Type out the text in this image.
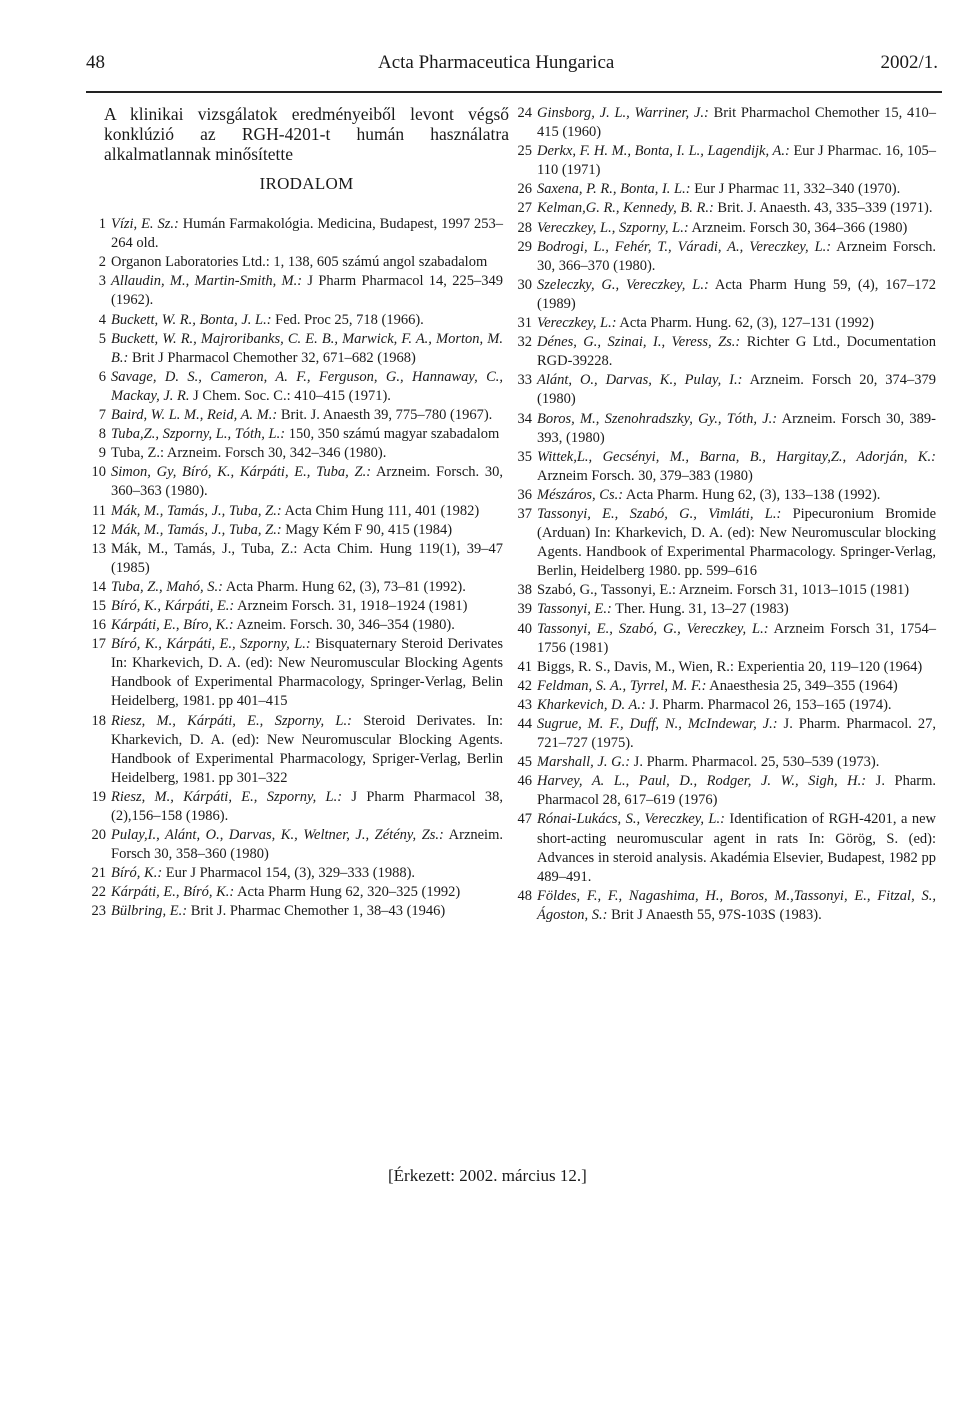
48	Acta Pharmaceutica Hungarica	2002/1.

A klinikai vizsgálatok eredményeiből levont végső konklúzió az RGH-4201-t humán használatra alkalmatlannak minősítette

IRODALOM
1 Vízi, E. Sz.: Humán Farmakológia. Medicina, Budapest, 1997 253–264 old.
2 Organon Laboratories Ltd.: 1, 138, 605 számú angol szabadalom
3 Allaudin, M., Martin-Smith, M.: J Pharm Pharmacol 14, 225–349 (1962).
4 Buckett, W. R., Bonta, J. L.: Fed. Proc 25, 718 (1966).
5 Buckett, W. R., Majroribanks, C. E. B., Marwick, F. A., Morton, M. B.: Brit J Pharmacol Chemother 32, 671–682 (1968)
6 Savage, D. S., Cameron, A. F., Ferguson, G., Hannaway, C., Mackay, J. R. J Chem. Soc. C.: 410–415 (1971).
7 Baird, W. L. M., Reid, A. M.: Brit. J. Anaesth 39, 775–780 (1967).
8 Tuba,Z., Szporny, L., Tóth, L.: 150, 350 számú magyar szabadalom
9 Tuba, Z.: Arzneim. Forsch 30, 342–346 (1980).
10 Simon, Gy, Bíró, K., Kárpáti, E., Tuba, Z.: Arzneim. Forsch. 30, 360–363 (1980).
11 Mák, M., Tamás, J., Tuba, Z.: Acta Chim Hung 111, 401 (1982)
12 Mák, M., Tamás, J., Tuba, Z.: Magy Kém F 90, 415 (1984)
13 Mák, M., Tamás, J., Tuba, Z.: Acta Chim. Hung 119(1), 39–47 (1985)
14 Tuba, Z., Mahó, S.: Acta Pharm. Hung 62, (3), 73–81 (1992).
15 Bíró, K., Kárpáti, E.: Arzneim Forsch. 31, 1918–1924 (1981)
16 Kárpáti, E., Bíro, K.: Azneim. Forsch. 30, 346–354 (1980).
17 Bíró, K., Kárpáti, E., Szporny, L.: Bisquaternary Steroid Derivates In: Kharkevich, D. A. (ed): New Neuromuscular Blocking Agents Handbook of Experimental Pharmacology, Springer-Verlag, Belin Heidelberg, 1981. pp 401–415
18 Riesz, M., Kárpáti, E., Szporny, L.: Steroid Derivates. In: Kharkevich, D. A. (ed): New Neuromuscular Blocking Agents. Handbook of Experimental Pharmacology, Spriger-Verlag, Berlin Heidelberg, 1981. pp 301–322
19 Riesz, M., Kárpáti, E., Szporny, L.: J Pharm Pharmacol 38, (2),156–158 (1986).
20 Pulay,I., Alánt, O., Darvas, K., Weltner, J., Zétény, Zs.: Arzneim. Forsch 30, 358–360 (1980)
21 Bíró, K.: Eur J Pharmacol 154, (3), 329–333 (1988).
22 Kárpáti, E., Bíró, K.: Acta Pharm Hung 62, 320–325 (1992)
23 Bülbring, E.: Brit J. Pharmac Chemother 1, 38–43 (1946)
24 Ginsborg, J. L., Warriner, J.: Brit Pharmachol Chemother 15, 410–415 (1960)
25 Derkx, F. H. M., Bonta, I. L., Lagendijk, A.: Eur J Pharmac. 16, 105–110 (1971)
26 Saxena, P. R., Bonta, I. L.: Eur J Pharmac 11, 332–340 (1970).
27 Kelman,G. R., Kennedy, B. R.: Brit. J. Anaesth. 43, 335–339 (1971).
28 Vereczkey, L., Szporny, L.: Arzneim. Forsch 30, 364–366 (1980)
29 Bodrogi, L., Fehér, T., Váradi, A., Vereczkey, L.: Arzneim Forsch. 30, 366–370 (1980).
30 Szeleczky, G., Vereczkey, L.: Acta Pharm Hung 59, (4), 167–172 (1989)
31 Vereczkey, L.: Acta Pharm. Hung. 62, (3), 127–131 (1992)
32 Dénes, G., Szinai, I., Veress, Zs.: Richter G Ltd., Documentation RGD-39228.
33 Alánt, O., Darvas, K., Pulay, I.: Arzneim. Forsch 20, 374–379 (1980)
34 Boros, M., Szenohradszky, Gy., Tóth, J.: Arzneim. Forsch 30, 389-393, (1980)
35 Wittek,L., Gecsényi, M., Barna, B., Hargitay,Z., Adorján, K.: Arzneim Forsch. 30, 379–383 (1980)
36 Mészáros, Cs.: Acta Pharm. Hung 62, (3), 133–138 (1992).
37 Tassonyi, E., Szabó, G., Vimláti, L.: Pipecuronium Bromide (Arduan) In: Kharkevich, D. A. (ed): New Neuromuscular blocking Agents. Handbook of Experimental Pharmacology. Springer-Verlag, Berlin, Heidelberg 1980. pp. 599–616
38 Szabó, G., Tassonyi, E.: Arzneim. Forsch 31, 1013–1015 (1981)
39 Tassonyi, E.: Ther. Hung. 31, 13–27 (1983)
40 Tassonyi, E., Szabó, G., Vereczkey, L.: Arzneim Forsch 31, 1754–1756 (1981)
41 Biggs, R. S., Davis, M., Wien, R.: Experientia 20, 119–120 (1964)
42 Feldman, S. A., Tyrrel, M. F.: Anaesthesia 25, 349–355 (1964)
43 Kharkevich, D. A.: J. Pharm. Pharmacol 26, 153–165 (1974).
44 Sugrue, M. F., Duff, N., McIndewar, J.: J. Pharm. Pharmacol. 27, 721–727 (1975).
45 Marshall, J. G.: J. Pharm. Pharmacol. 25, 530–539 (1973).
46 Harvey, A. L., Paul, D., Rodger, J. W., Sigh, H.: J. Pharm. Pharmacol 28, 617–619 (1976)
47 Rónai-Lukács, S., Vereczkey, L.: Identification of RGH-4201, a new short-acting neuromuscular agent in rats In: Görög, S. (ed): Advances in steroid analysis. Akadémia Elsevier, Budapest, 1982 pp 489–491.
48 Földes, F., F., Nagashima, H., Boros, M.,Tassonyi, E., Fitzal, S., Ágoston, S.: Brit J Anaesth 55, 97S-103S (1983).
[Érkezett: 2002. március 12.]
